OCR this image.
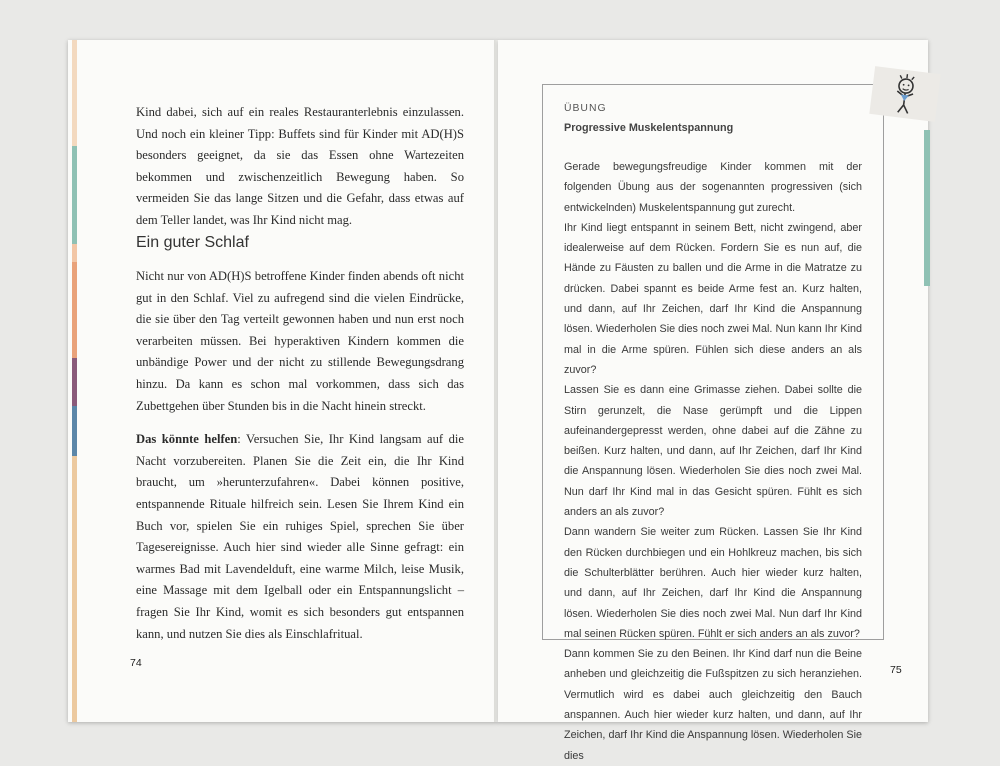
Kind dabei, sich auf ein reales Restauranterlebnis einzulassen. Und noch ein kleiner Tipp: Buffets sind für Kinder mit AD(H)S besonders geeignet, da sie das Essen ohne Wartezeiten bekommen und zwischenzeitlich Bewegung haben. So vermeiden Sie das lange Sitzen und die Gefahr, dass etwas auf dem Teller landet, was Ihr Kind nicht mag.

Ein guter Schlaf

Nicht nur von AD(H)S betroffene Kinder finden abends oft nicht gut in den Schlaf. Viel zu aufregend sind die vielen Eindrücke, die sie über den Tag verteilt gewonnen haben und nun erst noch verarbeiten müssen. Bei hyperaktiven Kindern kommen die unbändige Power und der nicht zu stillende Bewegungsdrang hinzu. Da kann es schon mal vorkommen, dass sich das Zubettgehen über Stunden bis in die Nacht hinein streckt.

Das könnte helfen: Versuchen Sie, Ihr Kind langsam auf die Nacht vorzubereiten. Planen Sie die Zeit ein, die Ihr Kind braucht, um »herunterzufahren«. Dabei können positive, entspannende Rituale hilfreich sein. Lesen Sie Ihrem Kind ein Buch vor, spielen Sie ein ruhiges Spiel, sprechen Sie über Tagesereignisse. Auch hier sind wieder alle Sinne gefragt: ein warmes Bad mit Lavendelduft, eine warme Milch, leise Musik, eine Massage mit dem Igelball oder ein Entspannungslicht – fragen Sie Ihr Kind, womit es sich besonders gut entspannen kann, und nutzen Sie dies als Einschlafritual.

74
ÜBUNG
Progressive Muskelentspannung
Gerade bewegungsfreudige Kinder kommen mit der folgenden Übung aus der sogenannten progressiven (sich entwickelnden) Muskelentspannung gut zurecht.
Ihr Kind liegt entspannt in seinem Bett, nicht zwingend, aber idealerweise auf dem Rücken. Fordern Sie es nun auf, die Hände zu Fäusten zu ballen und die Arme in die Matratze zu drücken. Dabei spannt es beide Arme fest an. Kurz halten, und dann, auf Ihr Zeichen, darf Ihr Kind die Anspannung lösen. Wiederholen Sie dies noch zwei Mal. Nun kann Ihr Kind mal in die Arme spüren. Fühlen sich diese anders an als zuvor?
Lassen Sie es dann eine Grimasse ziehen. Dabei sollte die Stirn gerunzelt, die Nase gerümpft und die Lippen aufeinandergepresst werden, ohne dabei auf die Zähne zu beißen. Kurz halten, und dann, auf Ihr Zeichen, darf Ihr Kind die Anspannung lösen. Wiederholen Sie dies noch zwei Mal. Nun darf Ihr Kind mal in das Gesicht spüren. Fühlt es sich anders an als zuvor?
Dann wandern Sie weiter zum Rücken. Lassen Sie Ihr Kind den Rücken durchbiegen und ein Hohlkreuz machen, bis sich die Schulterblätter berühren. Auch hier wieder kurz halten, und dann, auf Ihr Zeichen, darf Ihr Kind die Anspannung lösen. Wiederholen Sie dies noch zwei Mal. Nun darf Ihr Kind mal seinen Rücken spüren. Fühlt er sich anders an als zuvor?
Dann kommen Sie zu den Beinen. Ihr Kind darf nun die Beine anheben und gleichzeitig die Fußspitzen zu sich heranziehen. Vermutlich wird es dabei auch gleichzeitig den Bauch anspannen. Auch hier wieder kurz halten, und dann, auf Ihr Zeichen, darf Ihr Kind die Anspannung lösen. Wiederholen Sie dies
75
